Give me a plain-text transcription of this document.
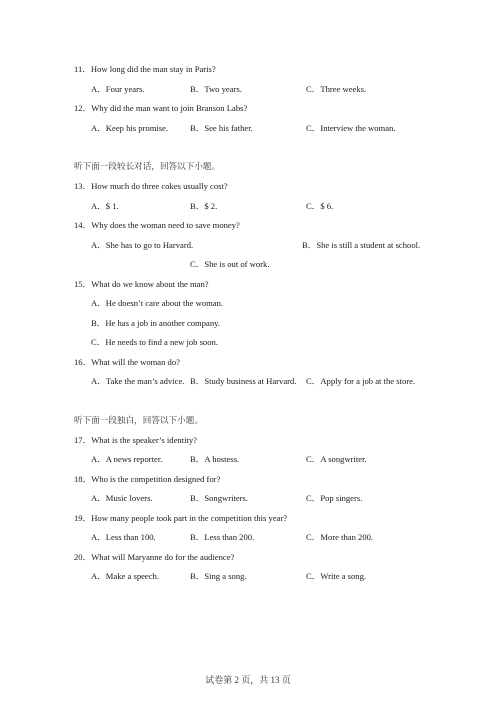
11．How long did the man stay in Paris?
A．Four years.	B．Two years.	C．Three weeks.
12．Why did the man want to join Branson Labs?
A．Keep his promise.	B．See his father.	C．Interview the woman.
听下面一段较长对话，回答以下小题。
13．How much do three cokes usually cost?
A．$ 1.	B．$ 2.	C．$ 6.
14．Why does the woman need to save money?
A．She has to go to Harvard.	B．She is still a student at school.
C．She is out of work.
15．What do we know about the man?
A．He doesn’t care about the woman.
B．He has a job in another company.
C．He needs to find a new job soon.
16．What will the woman do?
A．Take the man’s advice. B．Study business at Harvard. C．Apply for a job at the store.
听下面一段独白，回答以下小题。
17．What is the speaker’s identity?
A．A news reporter.	B．A hostess.	C．A songwriter.
18．Who is the competition designed for?
A．Music lovers.	B．Songwriters.	C．Pop singers.
19．How many people took part in the competition this year?
A．Less than 100.	B．Less than 200.	C．More than 200.
20．What will Maryanne do for the audience?
A．Make a speech.	B．Sing a song.	C．Write a song.
试卷第 2 页，共 13 页
